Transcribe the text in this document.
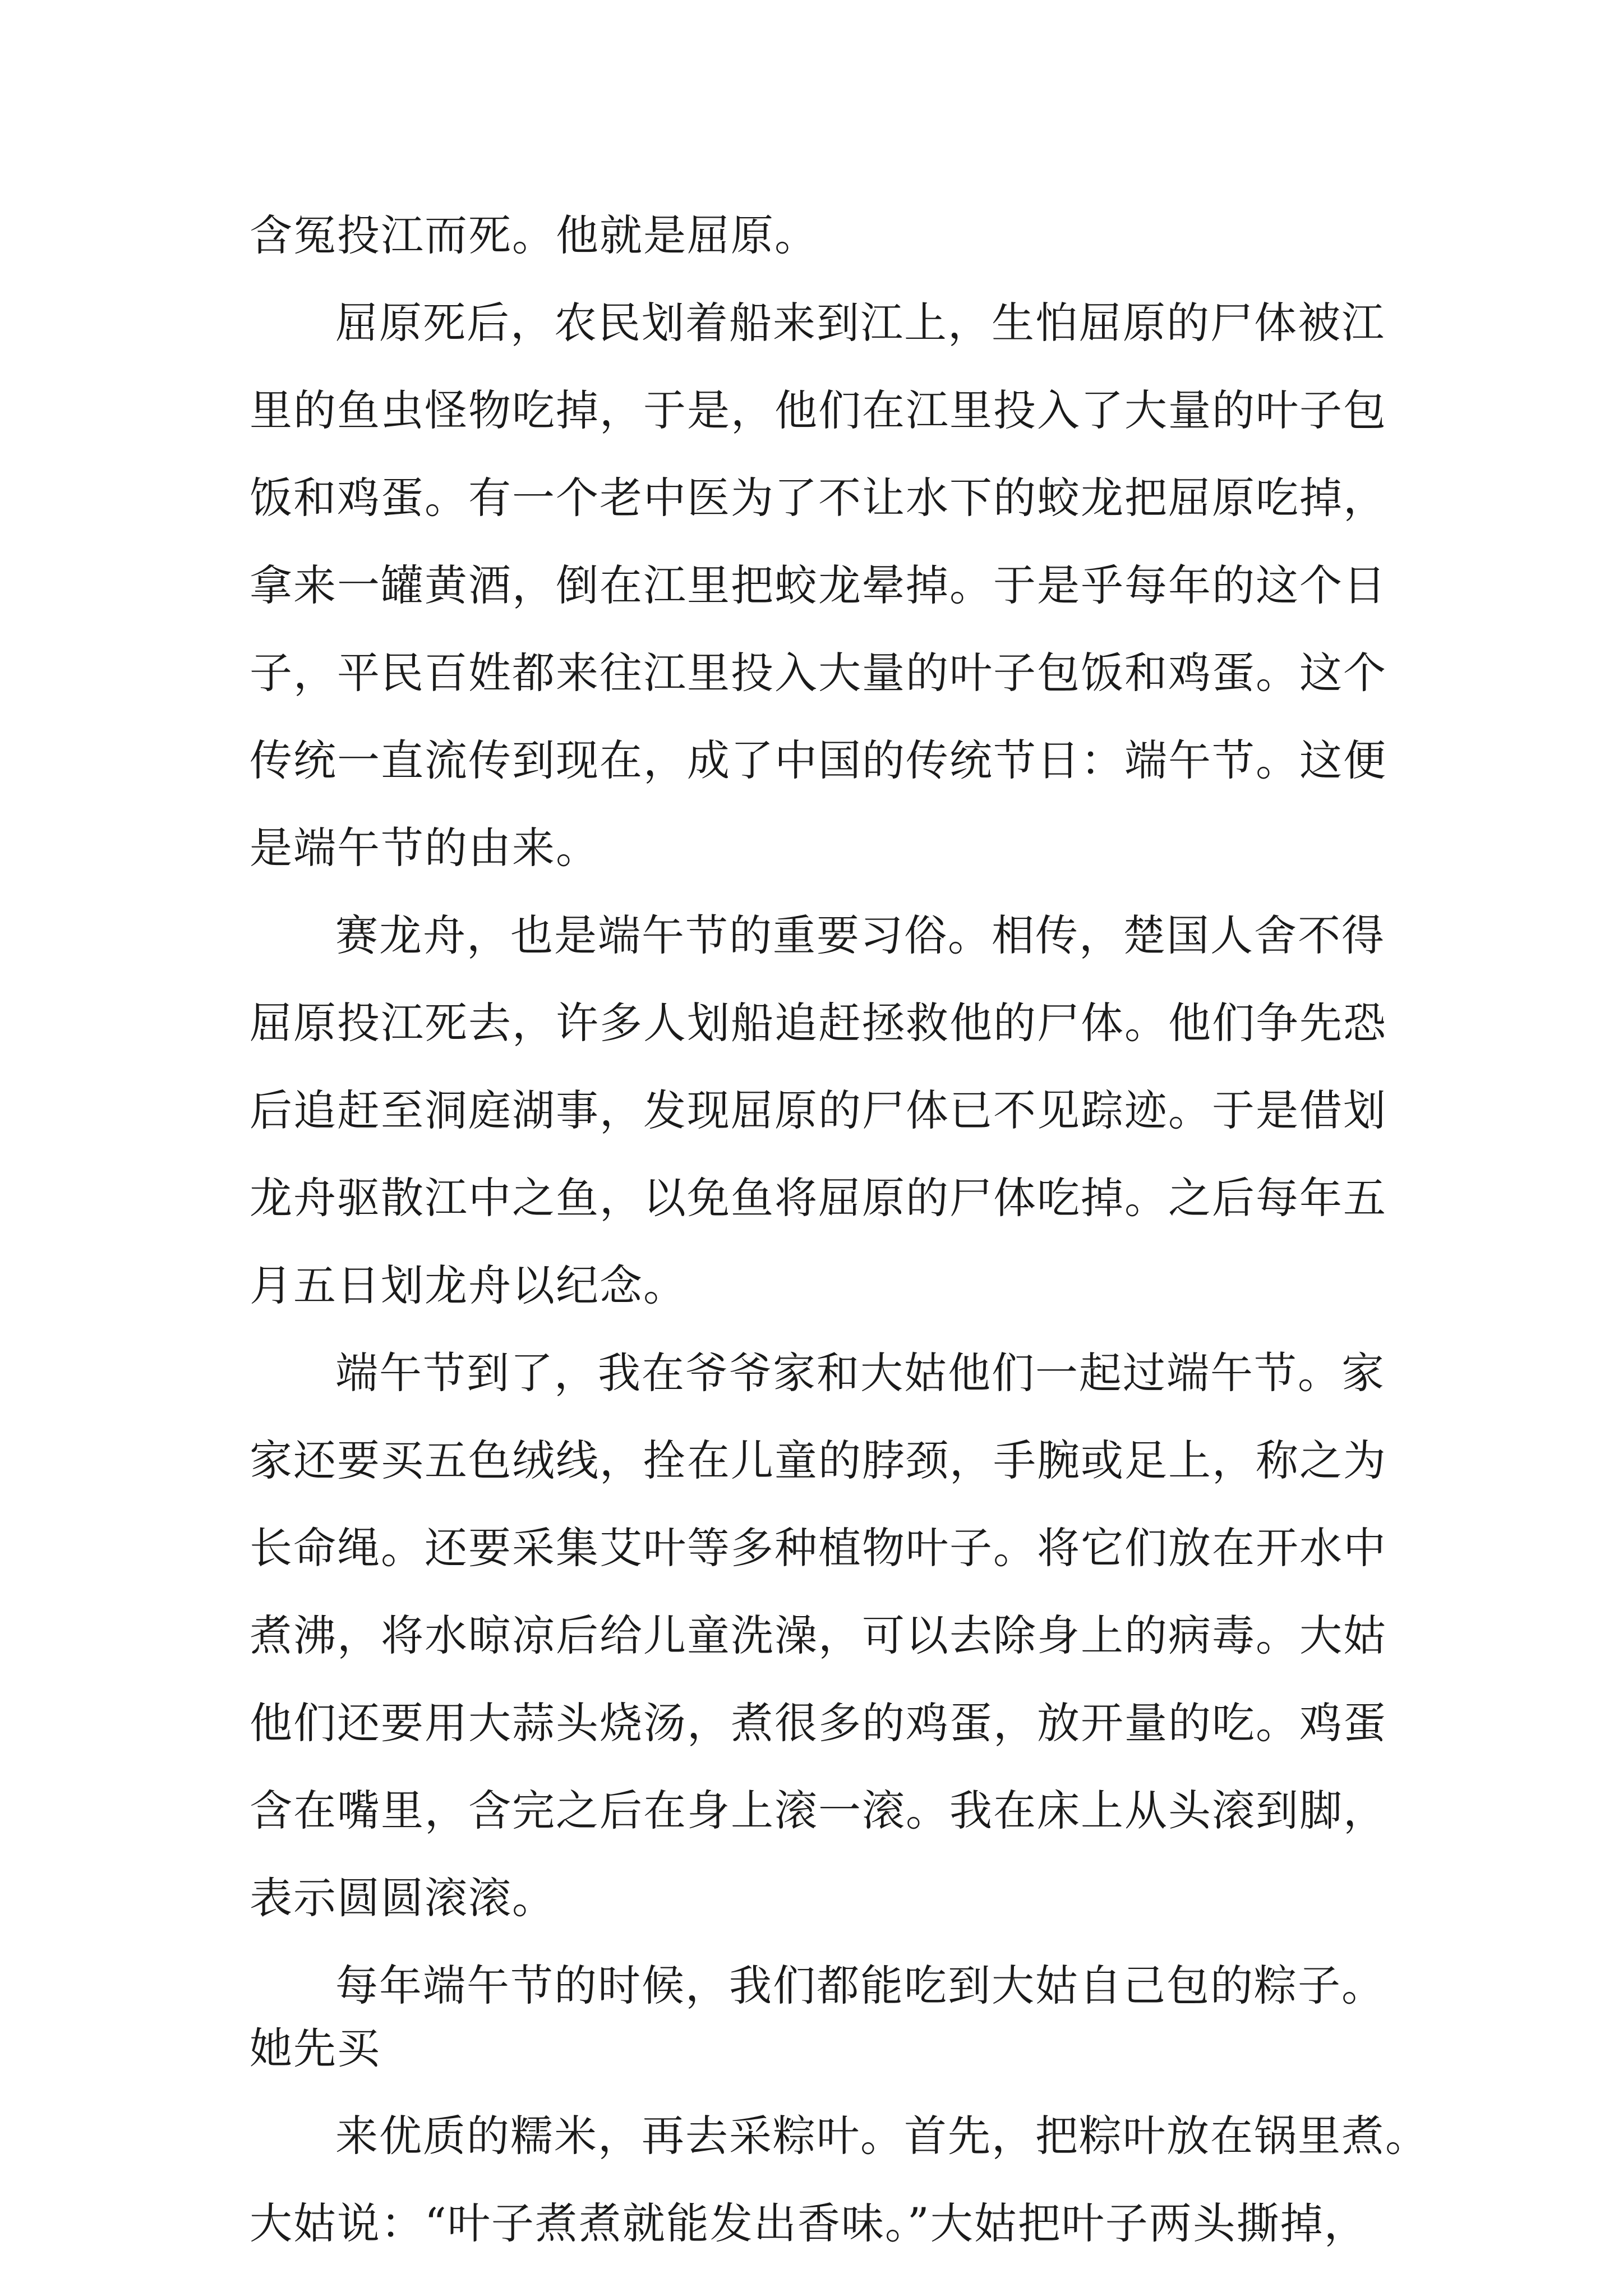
含冤投江而死。他就是屈原。
屈原死后，农民划着船来到江上，生怕屈原的尸体被江
里的鱼虫怪物吃掉，于是，他们在江里投入了大量的叶子包
饭和鸡蛋。有一个老中医为了不让水下的蛟龙把屈原吃掉，
拿来一罐黄酒，倒在江里把蛟龙晕掉。于是乎每年的这个日
子，平民百姓都来往江里投入大量的叶子包饭和鸡蛋。这个
传统一直流传到现在，成了中国的传统节日：端午节。这便
是端午节的由来。
赛龙舟，也是端午节的重要习俗。相传，楚国人舍不得
屈原投江死去，许多人划船追赶拯救他的尸体。他们争先恐
后追赶至洞庭湖事，发现屈原的尸体已不见踪迹。于是借划
龙舟驱散江中之鱼，以免鱼将屈原的尸体吃掉。之后每年五
月五日划龙舟以纪念。
端午节到了，我在爷爷家和大姑他们一起过端午节。家
家还要买五色绒线，拴在儿童的脖颈，手腕或足上，称之为
长命绳。还要采集艾叶等多种植物叶子。将它们放在开水中
煮沸，将水晾凉后给儿童洗澡，可以去除身上的病毒。大姑
他们还要用大蒜头烧汤，煮很多的鸡蛋，放开量的吃。鸡蛋
含在嘴里，含完之后在身上滚一滚。我在床上从头滚到脚，
表示圆圆滚滚。
每年端午节的时候，我们都能吃到大姑自己包的粽子。
她先买
来优质的糯米，再去采粽叶。首先，把粽叶放在锅里煮。
大姑说：“叶子煮煮就能发出香味。”大姑把叶子两头撕掉，
